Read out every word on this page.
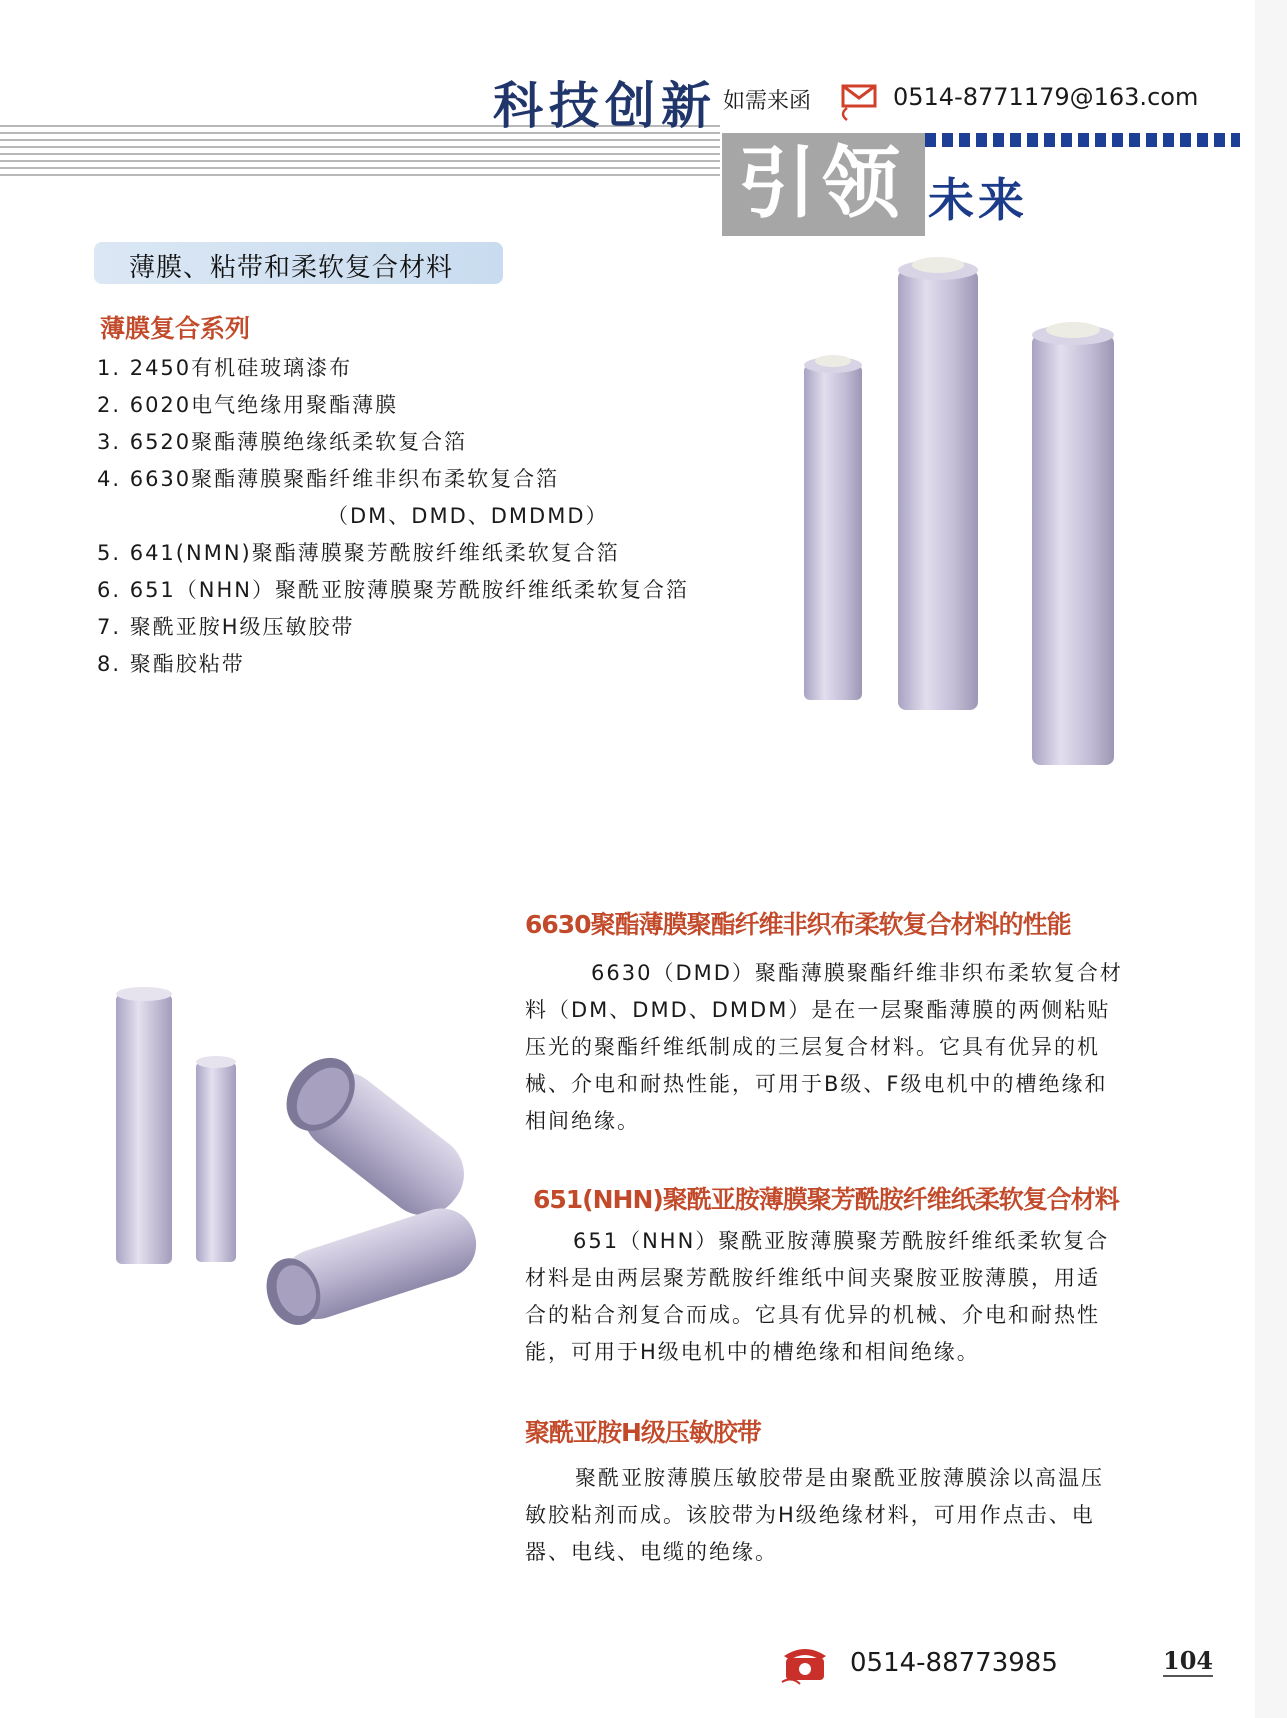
科技创新 如需来函	0514-8771179@163.com
引领 未来
薄膜、粘带和柔软复合材料
薄膜复合系列
1. 2450有机硅玻璃漆布
2. 6020电气绝缘用聚酯薄膜
3. 6520聚酯薄膜绝缘纸柔软复合箔
4. 6630聚酯薄膜聚酯纤维非织布柔软复合箔
（DM、DMD、DMDMD）
5. 641(NMN)聚酯薄膜聚芳酰胺纤维纸柔软复合箔
6. 651（NHN）聚酰亚胺薄膜聚芳酰胺纤维纸柔软复合箔
7. 聚酰亚胺H级压敏胶带
8. 聚酯胶粘带
6630聚酯薄膜聚酯纤维非织布柔软复合材料的性能

6630（DMD）聚酯薄膜聚酯纤维非织布柔软复合材
料（DM、DMD、DMDM）是在一层聚酯薄膜的两侧粘贴
压光的聚酯纤维纸制成的三层复合材料。它具有优异的机
械、介电和耐热性能，可用于B级、F级电机中的槽绝缘和
相间绝缘。

651(NHN)聚酰亚胺薄膜聚芳酰胺纤维纸柔软复合材料

651（NHN）聚酰亚胺薄膜聚芳酰胺纤维纸柔软复合
材料是由两层聚芳酰胺纤维纸中间夹聚胺亚胺薄膜，用适
合的粘合剂复合而成。它具有优异的机械、介电和耐热性
能，可用于H级电机中的槽绝缘和相间绝缘。

聚酰亚胺H级压敏胶带

聚酰亚胺薄膜压敏胶带是由聚酰亚胺薄膜涂以高温压
敏胶粘剂而成。该胶带为H级绝缘材料，可用作点击、电
器、电线、电缆的绝缘。

0514-88773985	104
